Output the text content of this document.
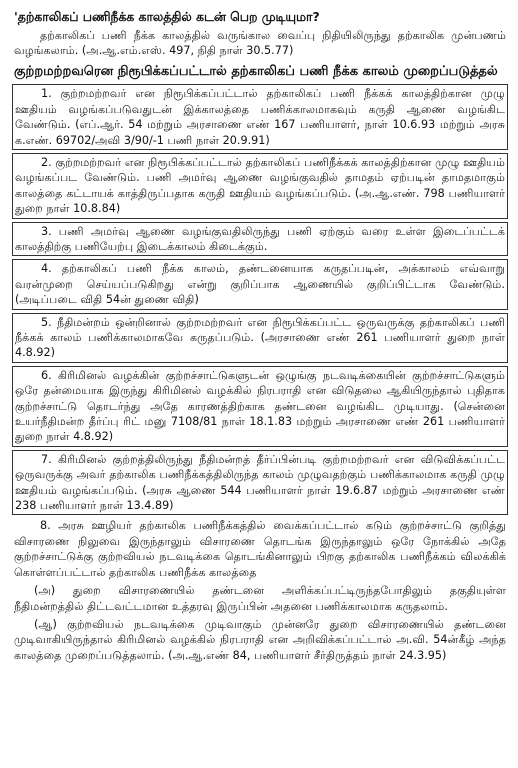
'தற்காலிகப் பணிநீக்க காலத்தில் கடன் பெற முடியுமா?

தற்காலிகப் பணி நீக்க காலத்தில் வருங்கால வைப்பு நிதியிலிருந்து தற்காலிக முன்பணம் வழங்கலாம். (அ.ஆ.எம்.எஸ். 497, நிதி நாள் 30.5.77)

குற்றமற்றவரென நிரூபிக்கப்பட்டால் தற்காலிகப் பணி நீக்க காலம் முறைப்படுத்தல்

1. குற்றமற்றவர் என நிரூபிக்கப்பட்டால் தற்காலிகப் பணி நீக்கக் காலத்திற்கான முழு ஊதியம் வழங்கப்படுவதுடன் இக்காலத்தை பணிக்காலமாகவும் கருதி ஆணை வழங்கிட வேண்டும். (எப்.ஆர். 54 மற்றும் அரசாணை எண் 167 பணியாளர், நாள் 10.6.93 மற்றும் அரசு க.எண். 69702/அவி 3/90/-1 பணி நாள் 20.9.91)

2. குற்றமற்றவர் என நிரூபிக்கப்பட்டால் தற்காலிகப் பணிநீக்கக் காலத்திற்கான முழு ஊதியம் வழங்கப்பட வேண்டும். பணி அமர்வு ஆணை வழங்குவதில் தாமதம் ஏற்படின் தாமதமாகும் காலத்தை கட்டாயக் காத்திருப்பதாக கருதி ஊதியம் வழங்கப்படும். (அ.ஆ.எண். 798 பணியாளர் துறை நாள் 10.8.84)

3. பணி அமர்வு ஆணை வழங்குவதிலிருந்து பணி ஏற்கும் வரை உள்ள இடைப்பட்டக் காலத்திற்கு பணியேற்பு இடைக்காலம் கிடைக்கும்.

4. தற்காலிகப் பணி நீக்க காலம், தண்டனையாக கருதப்படின், அக்காலம் எவ்வாறு வரன்முறை செய்யப்படுகிறது என்று குறிப்பாக ஆணையில் குறிப்பிட்டாக வேண்டும். (அடிப்படை விதி 54ன் துணை விதி)

5. நீதிமன்றம் ஒன்றினால் குற்றமற்றவர் என நிரூபிக்கப்பட்ட ஒருவருக்கு தற்காலிகப் பணி நீக்கக் காலம் பணிக்காலமாகவே கருதப்படும். (அரசாணை எண் 261 பணியாளர் துறை நாள் 4.8.92)

6. கிரிமினல் வழக்கின் குற்றச்சாட்டுகளுடன் ஒழுங்கு நடவடிக்கையின் குற்றச்சாட்டுகளும் ஒரே தன்மையாக இருந்து கிரிமினல் வழக்கில் நிரபராதி என விடுதலை ஆகியிருந்தால் புதிதாக குற்றச்சாட்டு தொடர்ந்து அதே காரணத்திற்காக தண்டனை வழங்கிட முடியாது. (சென்னை உயர்நீதிமன்ற தீர்ப்பு ரிட் மனு 7108/81 நாள் 18.1.83 மற்றும் அரசாணை எண் 261 பணியாளர் துறை நாள் 4.8.92)

7. கிரிமினல் குற்றத்திலிருந்து நீதிமன்றத் தீர்ப்பின்படி குற்றமற்றவர் என விடுவிக்கப்பட்ட ஒருவருக்கு அவர் தற்காலிக பணிநீக்கத்திலிருந்த காலம் முழுவதற்கும் பணிக்காலமாக கருதி முழு ஊதியம் வழங்கப்படும். (அரசு ஆணை 544 பணியாளர் நாள் 19.6.87 மற்றும் அரசாணை எண் 238 பணியாளர் நாள் 13.4.89)

8. அரசு ஊழியர் தற்காலிக பணிநீக்கத்தில் வைக்கப்பட்டால் கடும் குற்றச்சாட்டு குறித்து விசாரணை நிலுவை இருந்தாலும் விசாரணை தொடங்க இருந்தாலும் ஒரே நோக்கில் அதே குற்றச்சாட்டுக்கு குற்றவியல் நடவடிக்கை தொடங்கினாலும் பிறகு தற்காலிக பணிநீக்கம் விலக்கிக் கொள்ளப்பட்டால் தற்காலிக பணிநீக்க காலத்தை

(அ) துறை விசாரணையில் தண்டனை அளிக்கப்பட்டிருந்தபோதிலும் தகுதியுள்ள நீதிமன்றத்தில் திட்டவட்டமான உத்தரவு இருப்பின் அதனை பணிக்காலமாக கருதலாம்.

(ஆ) குற்றவியல் நடவடிக்கை முடிவாகும் முன்னரே துறை விசாரணையில் தண்டனை முடிவாகியிருந்தால் கிரிமினல் வழக்கில் நிரபராதி என அறிவிக்கப்பட்டால் அ.வி. 54ன்கீழ் அந்த காலத்தை முறைப்படுத்தலாம். (அ.ஆ.எண் 84, பணியாளர் சீர்திருத்தம் நாள் 24.3.95)
